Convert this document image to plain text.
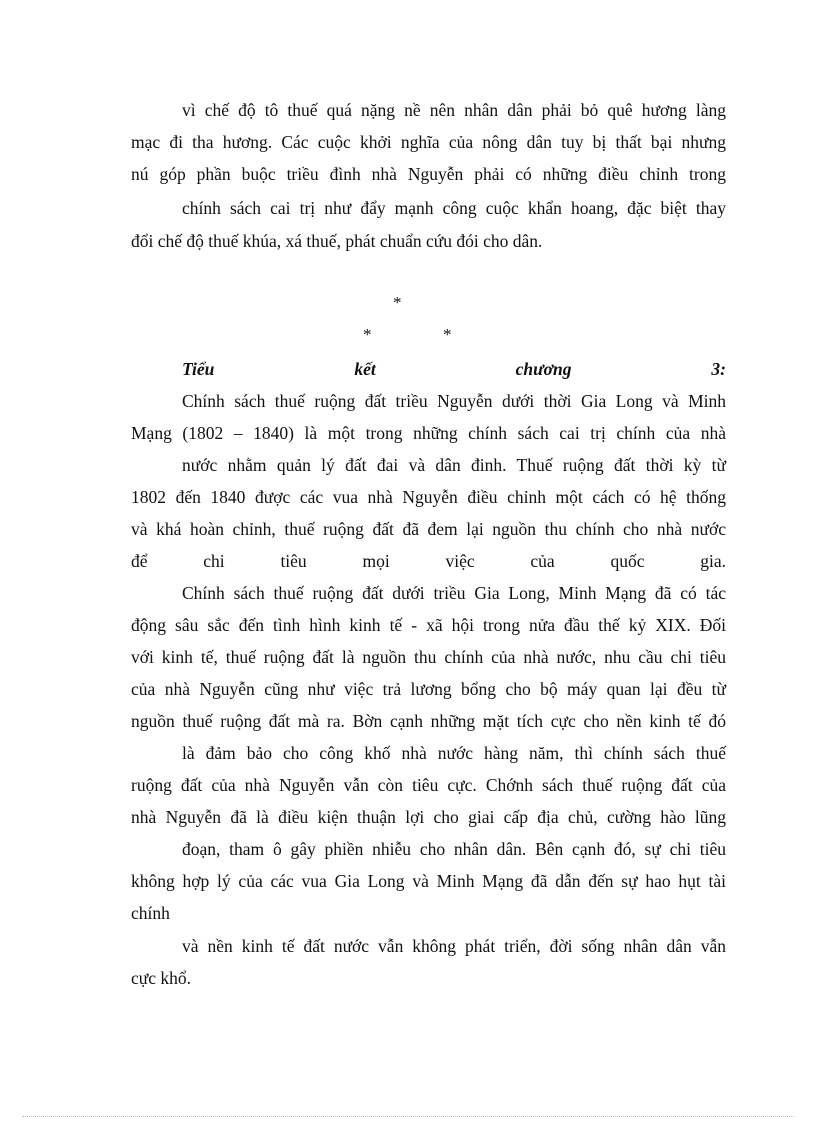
vì chế độ tô thuế quá nặng nề nên nhân dân phải bỏ quê hương làng
mạc đi tha hương. Các cuộc khởi nghĩa của nông dân tuy bị thất bại nhưng
nú góp phần buộc triều đình nhà Nguyễn phải có những điều chỉnh trong
chính sách cai trị như đẩy mạnh công cuộc khẩn hoang, đặc biệt thay
đổi chế độ thuế khúa, xá thuế, phát chuẩn cứu đói cho dân.
*
*	*
Tiểu kết chương 3:
Chính sách thuế ruộng đất triều Nguyễn dưới thời Gia Long và Minh
Mạng (1802 – 1840) là một trong những chính sách cai trị chính của nhà
nước nhằm quản lý đất đai và dân đinh. Thuế ruộng đất thời kỳ từ
1802 đến 1840 được các vua nhà Nguyễn điều chỉnh một cách có hệ thống
và khá hoàn chỉnh, thuế ruộng đất đã đem lại nguồn thu chính cho nhà nước
để chi tiêu mọi việc của quốc gia.
Chính sách thuế ruộng đất dưới triều Gia Long, Minh Mạng đã có tác
động sâu sắc đến tình hình kinh tế - xã hội trong nửa đầu thế kỷ XIX. Đối
với kinh tế, thuế ruộng đất là nguồn thu chính của nhà nước, nhu cầu chi tiêu
của nhà Nguyễn cũng như việc trả lương bổng cho bộ máy quan lại đều từ
nguồn thuế ruộng đất mà ra. Bờn cạnh những mặt tích cực cho nền kinh tế đó
là đảm bảo cho công khố nhà nước hàng năm, thì chính sách thuế
ruộng đất của nhà Nguyễn vẫn còn tiêu cực. Chớnh sách thuế ruộng đất của
nhà Nguyễn đã là điều kiện thuận lợi cho giai cấp địa chủ, cường hào lũng
đoạn, tham ô gây phiền nhiễu cho nhân dân. Bên cạnh đó, sự chi tiêu
không hợp lý của các vua Gia Long và Minh Mạng đã dẫn đến sự hao hụt tài
chính
và nền kinh tế đất nước vẫn không phát triển, đời sống nhân dân vẫn
cực khổ.
